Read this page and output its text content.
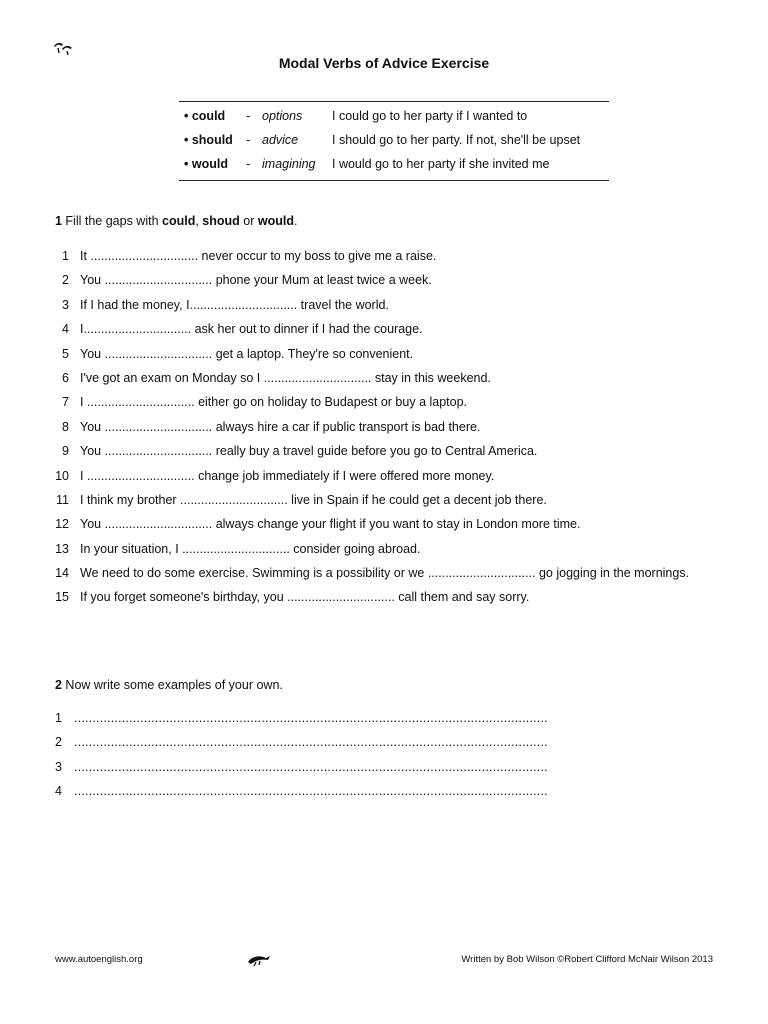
Modal Verbs of Advice Exercise
• could - options I could go to her party if I wanted to
• should - advice	I should go to her party. If not, she'll be upset
• would - imagining I would go to her party if she invited me
1 Fill the gaps with could, shoud or would.
1 It ............................... never occur to my boss to give me a raise.
2 You ............................... phone your Mum at least twice a week.
3 If I had the money, I............................... travel the world.
4 I............................... ask her out to dinner if I had the courage.
5 You ............................... get a laptop. They're so convenient.
6 I've got an exam on Monday so I ............................... stay in this weekend.
7 I ............................... either go on holiday to Budapest or buy a laptop.
8 You ............................... always hire a car if public transport is bad there.
9 You ............................... really buy a travel guide before you go to Central America.
10 I ............................... change job immediately if I were offered more money.
11 I think my brother ............................... live in Spain if he could get a decent job there.
12 You ............................... always change your flight if you want to stay in London more time.
13 In your situation, I ............................... consider going abroad.
14 We need to do some exercise. Swimming is a possibility or we ............................... go jogging in the mornings.
15 If you forget someone's birthday, you ............................... call them and say sorry.
2 Now write some examples of your own.
1 .................................................................................................................................
2 .................................................................................................................................
3 .................................................................................................................................
4 .................................................................................................................................
www.autoenglish.org	Written by Bob Wilson ©Robert Clifford McNair Wilson 2013
